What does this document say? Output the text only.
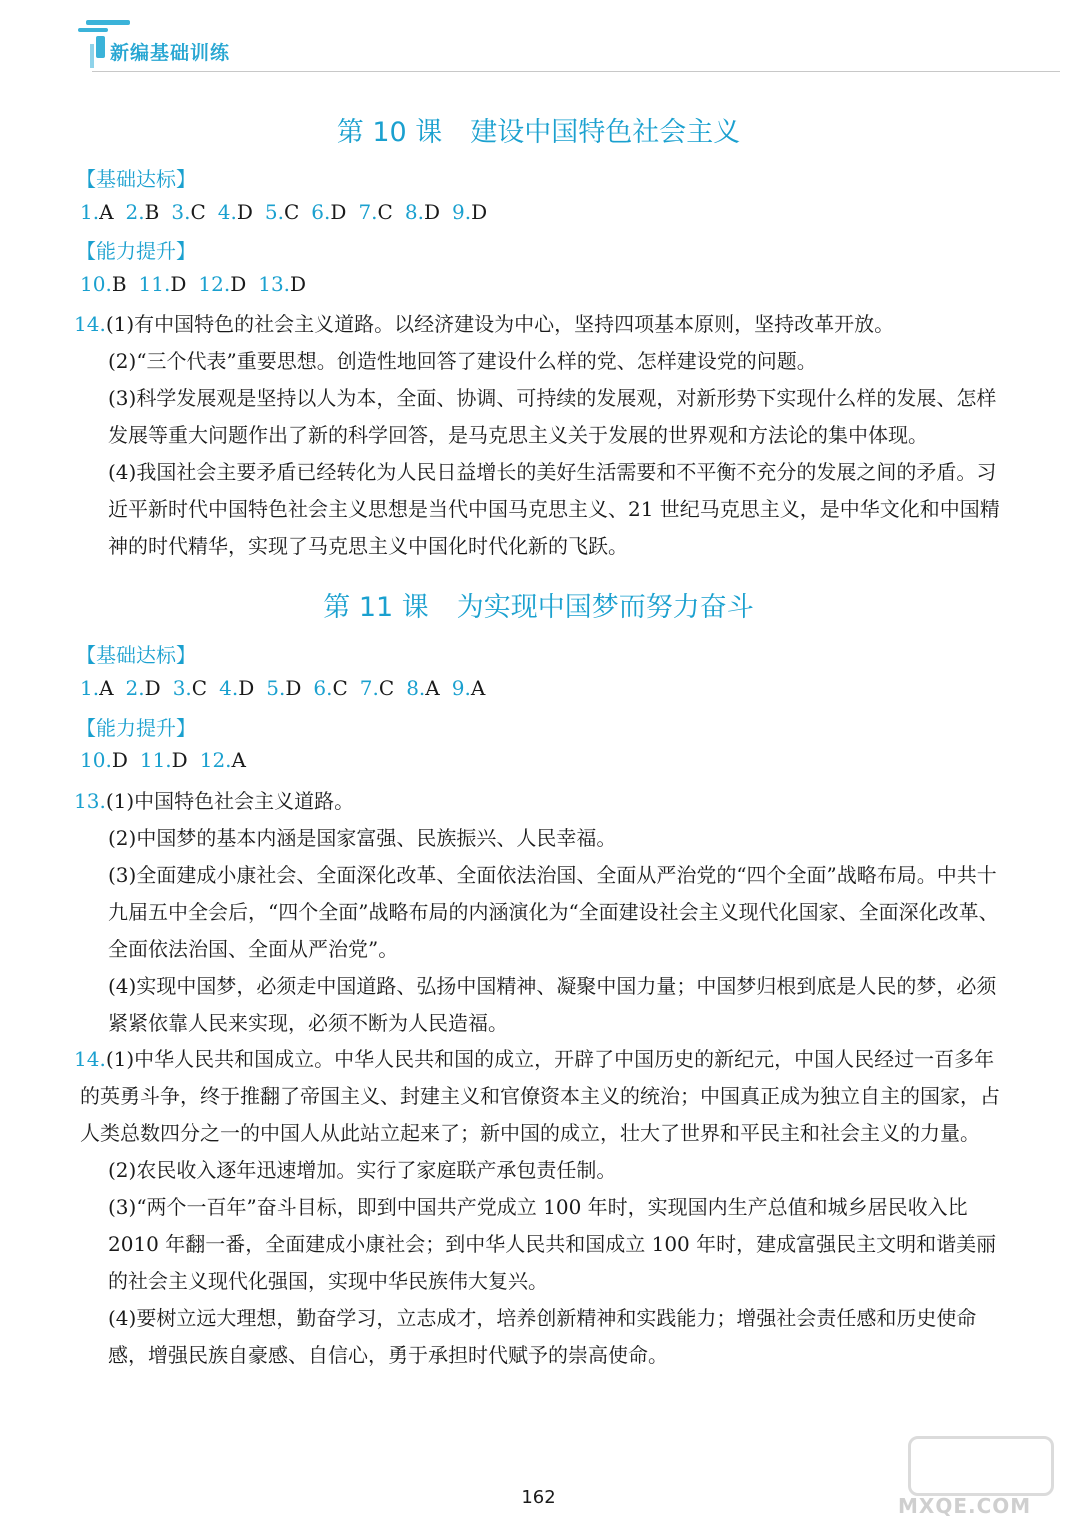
新编基础训练
第 10 课 建设中国特色社会主义
【基础达标】
1.A 2.B 3.C 4.D 5.C 6.D 7.C 8.D 9.D
【能力提升】
10.B 11.D 12.D 13.D
14.(1)有中国特色的社会主义道路。以经济建设为中心，坚持四项基本原则，坚持改革开放。
(2)“三个代表”重要思想。创造性地回答了建设什么样的党、怎样建设党的问题。
(3)科学发展观是坚持以人为本，全面、协调、可持续的发展观，对新形势下实现什么样的发展、怎样发展等重大问题作出了新的科学回答，是马克思主义关于发展的世界观和方法论的集中体现。
(4)我国社会主要矛盾已经转化为人民日益增长的美好生活需要和不平衡不充分的发展之间的矛盾。习近平新时代中国特色社会主义思想是当代中国马克思主义、21 世纪马克思主义，是中华文化和中国精神的时代精华，实现了马克思主义中国化时代化新的飞跃。
第 11 课 为实现中国梦而努力奋斗
【基础达标】
1.A 2.D 3.C 4.D 5.D 6.C 7.C 8.A 9.A
【能力提升】
10.D 11.D 12.A
13.(1)中国特色社会主义道路。
(2)中国梦的基本内涵是国家富强、民族振兴、人民幸福。
(3)全面建成小康社会、全面深化改革、全面依法治国、全面从严治党的“四个全面”战略布局。中共十九届五中全会后，“四个全面”战略布局的内涵演化为“全面建设社会主义现代化国家、全面深化改革、全面依法治国、全面从严治党”。
(4)实现中国梦，必须走中国道路、弘扬中国精神、凝聚中国力量；中国梦归根到底是人民的梦，必须紧紧依靠人民来实现，必须不断为人民造福。
14.(1)中华人民共和国成立。中华人民共和国的成立，开辟了中国历史的新纪元，中国人民经过一百多年的英勇斗争，终于推翻了帝国主义、封建主义和官僚资本主义的统治；中国真正成为独立自主的国家，占人类总数四分之一的中国人从此站立起来了；新中国的成立，壮大了世界和平民主和社会主义的力量。
(2)农民收入逐年迅速增加。实行了家庭联产承包责任制。
(3)“两个一百年”奋斗目标，即到中国共产党成立 100 年时，实现国内生产总值和城乡居民收入比 2010 年翻一番，全面建成小康社会；到中华人民共和国成立 100 年时，建成富强民主文明和谐美丽的社会主义现代化强国，实现中华民族伟大复兴。
(4)要树立远大理想，勤奋学习，立志成才，培养创新精神和实践能力；增强社会责任感和历史使命感，增强民族自豪感、自信心，勇于承担时代赋予的崇高使命。
162	MXQE.COM
